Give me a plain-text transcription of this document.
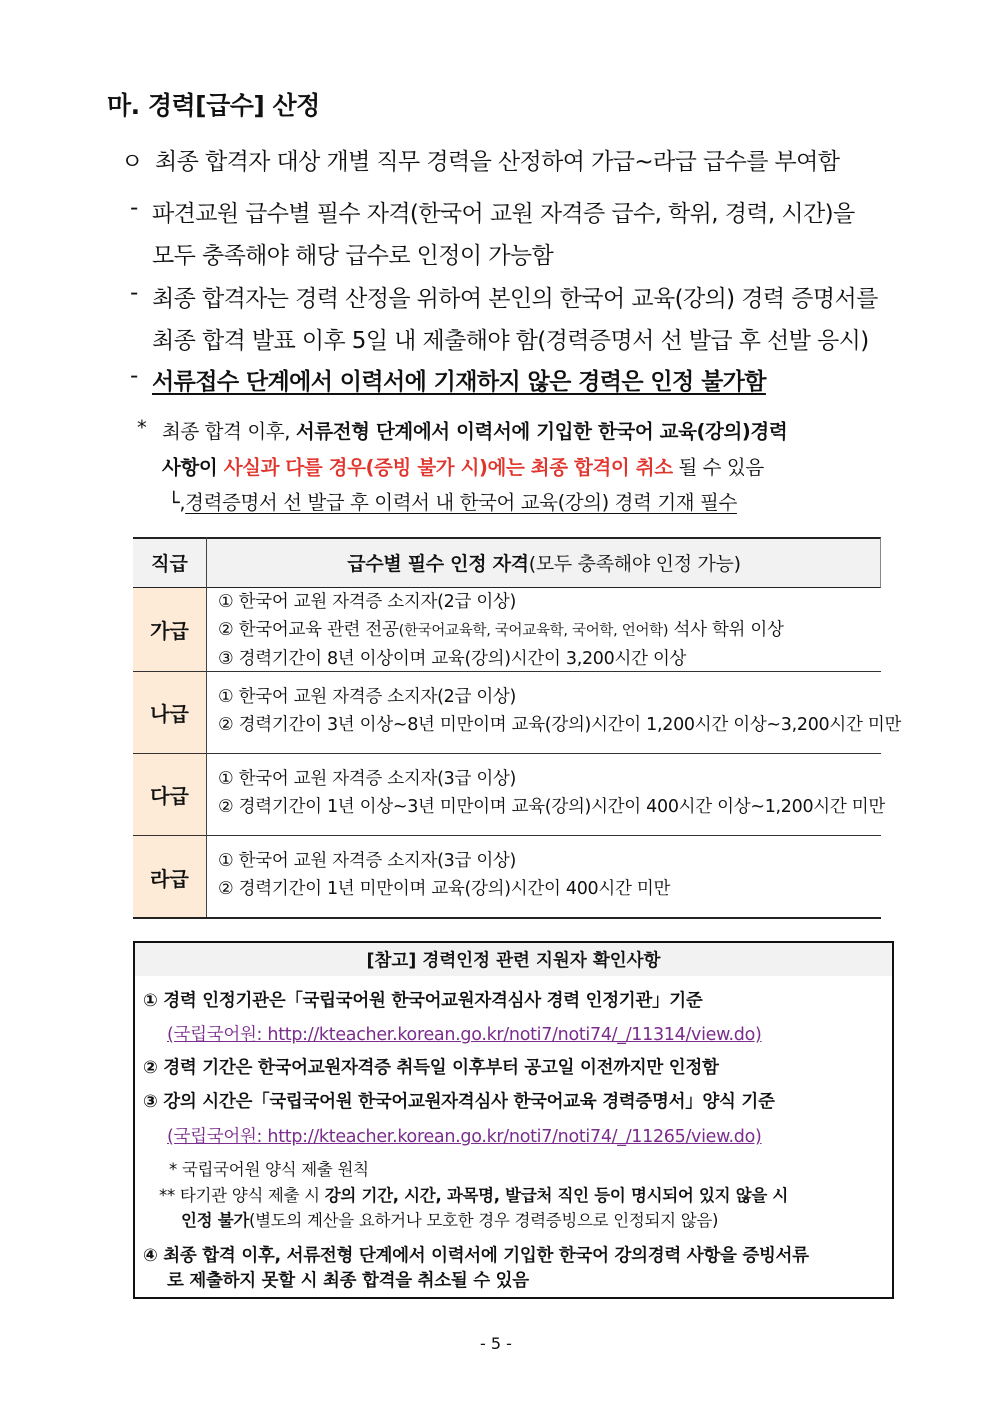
마. 경력[급수] 산정
ㅇ 최종 합격자 대상 개별 직무 경력을 산정하여 가급~라급 급수를 부여함
- 파견교원 급수별 필수 자격(한국어 교원 자격증 급수, 학위, 경력, 시간)을
모두 충족해야 해당 급수로 인정이 가능함
- 최종 합격자는 경력 산정을 위하여 본인의 한국어 교육(강의) 경력 증명서를
최종 합격 발표 이후 5일 내 제출해야 함(경력증명서 선 발급 후 선발 응시)
- 서류접수 단계에서 이력서에 기재하지 않은 경력은 인정 불가함
* 최종 합격 이후, 서류전형 단계에서 이력서에 기입한 한국어 교육(강의)경력
사항이 사실과 다를 경우(증빙 불가 시)에는 최종 합격이 취소 될 수 있음
└,경력증명서 선 발급 후 이력서 내 한국어 교육(강의) 경력 기재 필수
직급	급수별 필수 인정 자격 (모두 충족해야 인정 가능)
가급
① 한국어 교원 자격증 소지자(2급 이상)
② 한국어교육 관련 전공(한국어교육학, 국어교육학, 국어학, 언어학) 석사 학위 이상
③ 경력기간이 8년 이상이며 교육(강의)시간이 3,200시간 이상
나급
① 한국어 교원 자격증 소지자(2급 이상)
② 경력기간이 3년 이상~8년 미만이며 교육(강의)시간이 1,200시간 이상~3,200시간 미만
다급
① 한국어 교원 자격증 소지자(3급 이상)
② 경력기간이 1년 이상~3년 미만이며 교육(강의)시간이 400시간 이상~1,200시간 미만
라급
① 한국어 교원 자격증 소지자(3급 이상)
② 경력기간이 1년 미만이며 교육(강의)시간이 400시간 미만
[참고] 경력인정 관련 지원자 확인사항
① 경력 인정기관은「국립국어원 한국어교원자격심사 경력 인정기관」기준
(국립국어원: http://kteacher.korean.go.kr/noti7/noti74/_/11314/view.do)
② 경력 기간은 한국어교원자격증 취득일 이후부터 공고일 이전까지만 인정함
③ 강의 시간은「국립국어원 한국어교원자격심사 한국어교육 경력증명서」양식 기준
(국립국어원: http://kteacher.korean.go.kr/noti7/noti74/_/11265/view.do)
* 국립국어원 양식 제출 원칙
** 타기관 양식 제출 시 강의 기간, 시간, 과목명, 발급처 직인 등이 명시되어 있지 않을 시
인정 불가(별도의 계산을 요하거나 모호한 경우 경력증빙으로 인정되지 않음)
④ 최종 합격 이후, 서류전형 단계에서 이력서에 기입한 한국어 강의경력 사항을 증빙서류
로 제출하지 못할 시 최종 합격을 취소될 수 있음
- 5 -
